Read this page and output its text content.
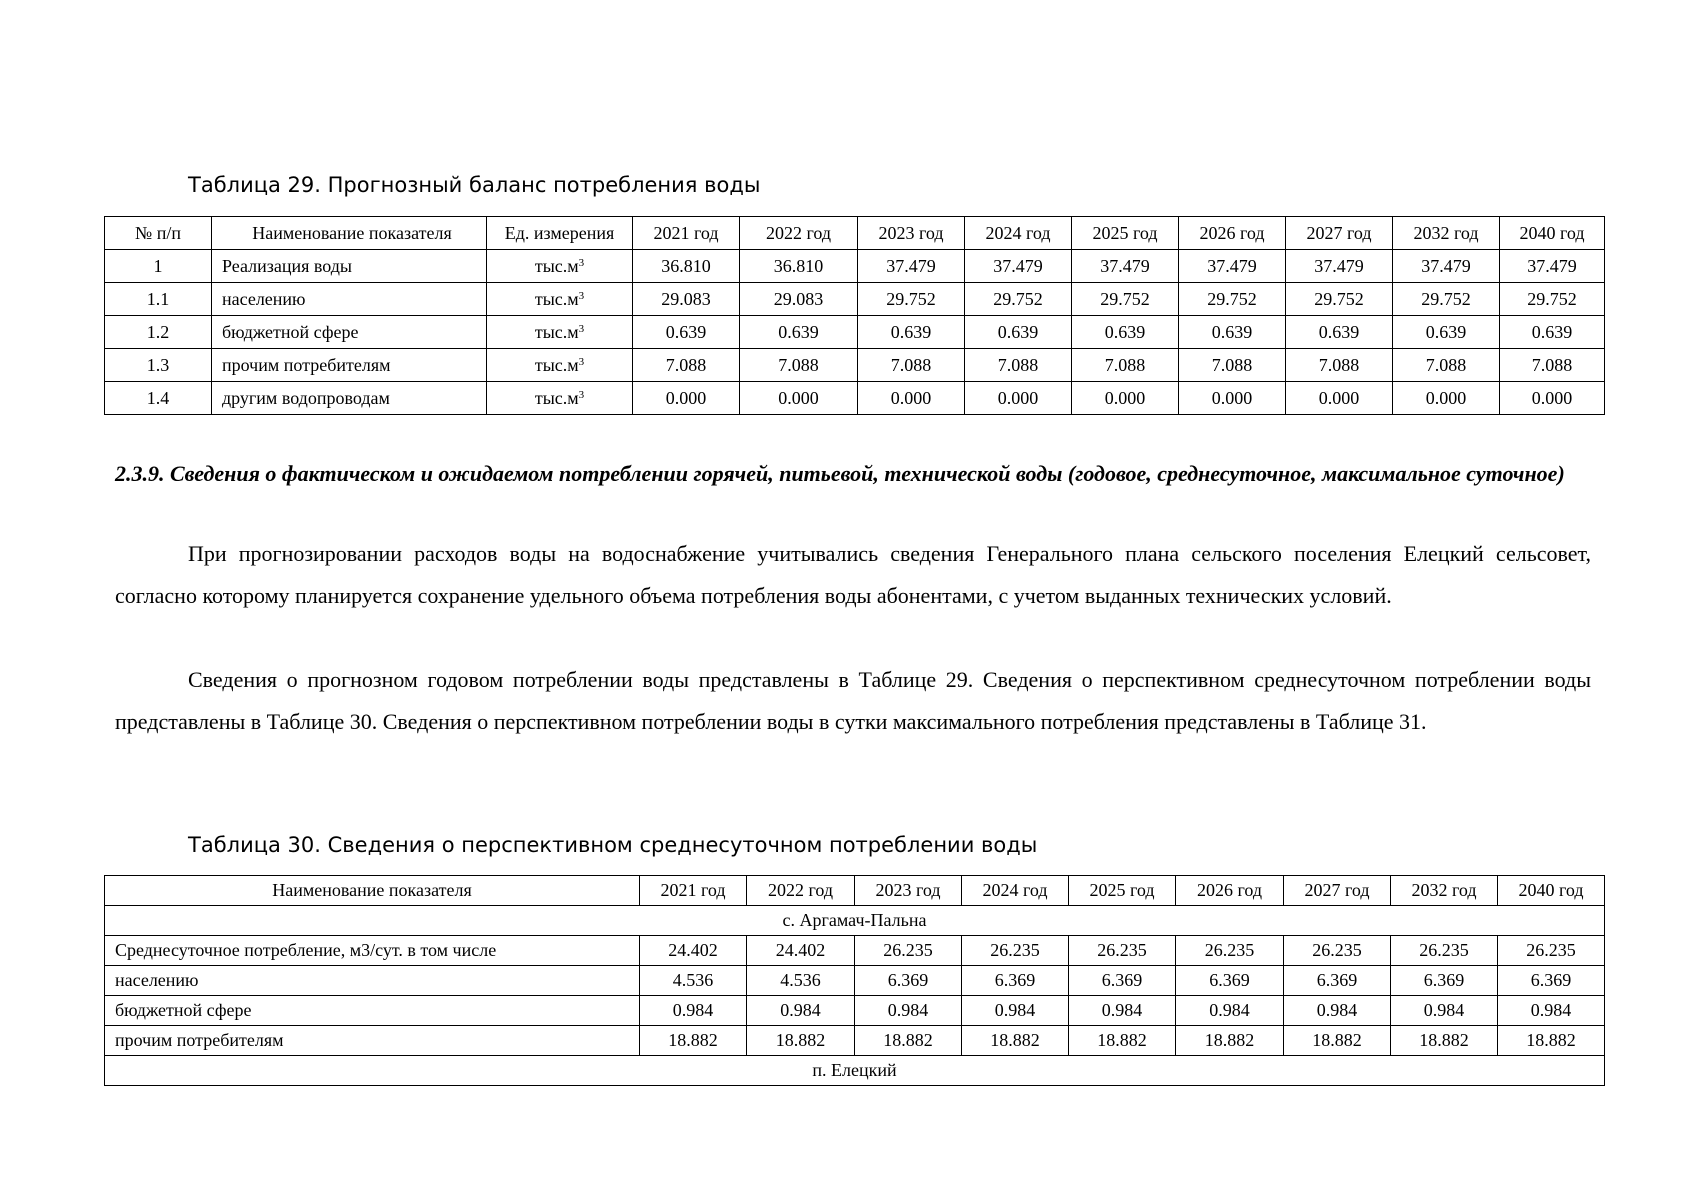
Таблица 29. Прогнозный баланс потребления воды
№ п/п	Наименование показателя	Ед. измерения	2021 год	2022 год	2023 год	2024 год	2025 год	2026 год	2027 год	2032 год	2040 год
1	Реализация воды	$тыс.м^3$	36.810	36.810	37.479	37.479	37.479	37.479	37.479	37.479	37.479
1.1	населению	$тыс.м^3$	29.083	29.083	29.752	29.752	29.752	29.752	29.752	29.752	29.752
1.2	бюджетной сфере	$тыс.м^3$	0.639	0.639	0.639	0.639	0.639	0.639	0.639	0.639	0.639
1.3	прочим потребителям	$тыс.м^3$	7.088	7.088	7.088	7.088	7.088	7.088	7.088	7.088	7.088
1.4	другим водопроводам	$тыс.м^3$	0.000	0.000	0.000	0.000	0.000	0.000	0.000	0.000	0.000
2.3.9. Сведения о фактическом и ожидаемом потреблении горячей, питьевой, технической воды (годовое, среднесуточное, максимальное суточное)

При прогнозировании расходов воды на водоснабжение учитывались сведения Генерального плана сельского поселения Елецкий сельсовет, согласно которому планируется сохранение удельного объема потребления воды абонентами, с учетом выданных технических условий.

Сведения о прогнозном годовом потреблении воды представлены в Таблице 29. Сведения о перспективном среднесуточном потреблении воды представлены в Таблице 30. Сведения о перспективном потреблении воды в сутки максимального потребления представлены в Таблице 31.

Таблица 30. Сведения о перспективном среднесуточном потреблении воды
Наименование показателя	2021 год	2022 год	2023 год	2024 год	2025 год	2026 год	2027 год	2032 год	2040 год
с. Аргамач-Пальна									
Среднесуточное потребление, м3/сут. в том числе	24.402	24.402	26.235	26.235	26.235	26.235	26.235	26.235	26.235
населению	4.536	4.536	6.369	6.369	6.369	6.369	6.369	6.369	6.369
бюджетной сфере	0.984	0.984	0.984	0.984	0.984	0.984	0.984	0.984	0.984
прочим потребителям	18.882	18.882	18.882	18.882	18.882	18.882	18.882	18.882	18.882
п. Елецкий									
